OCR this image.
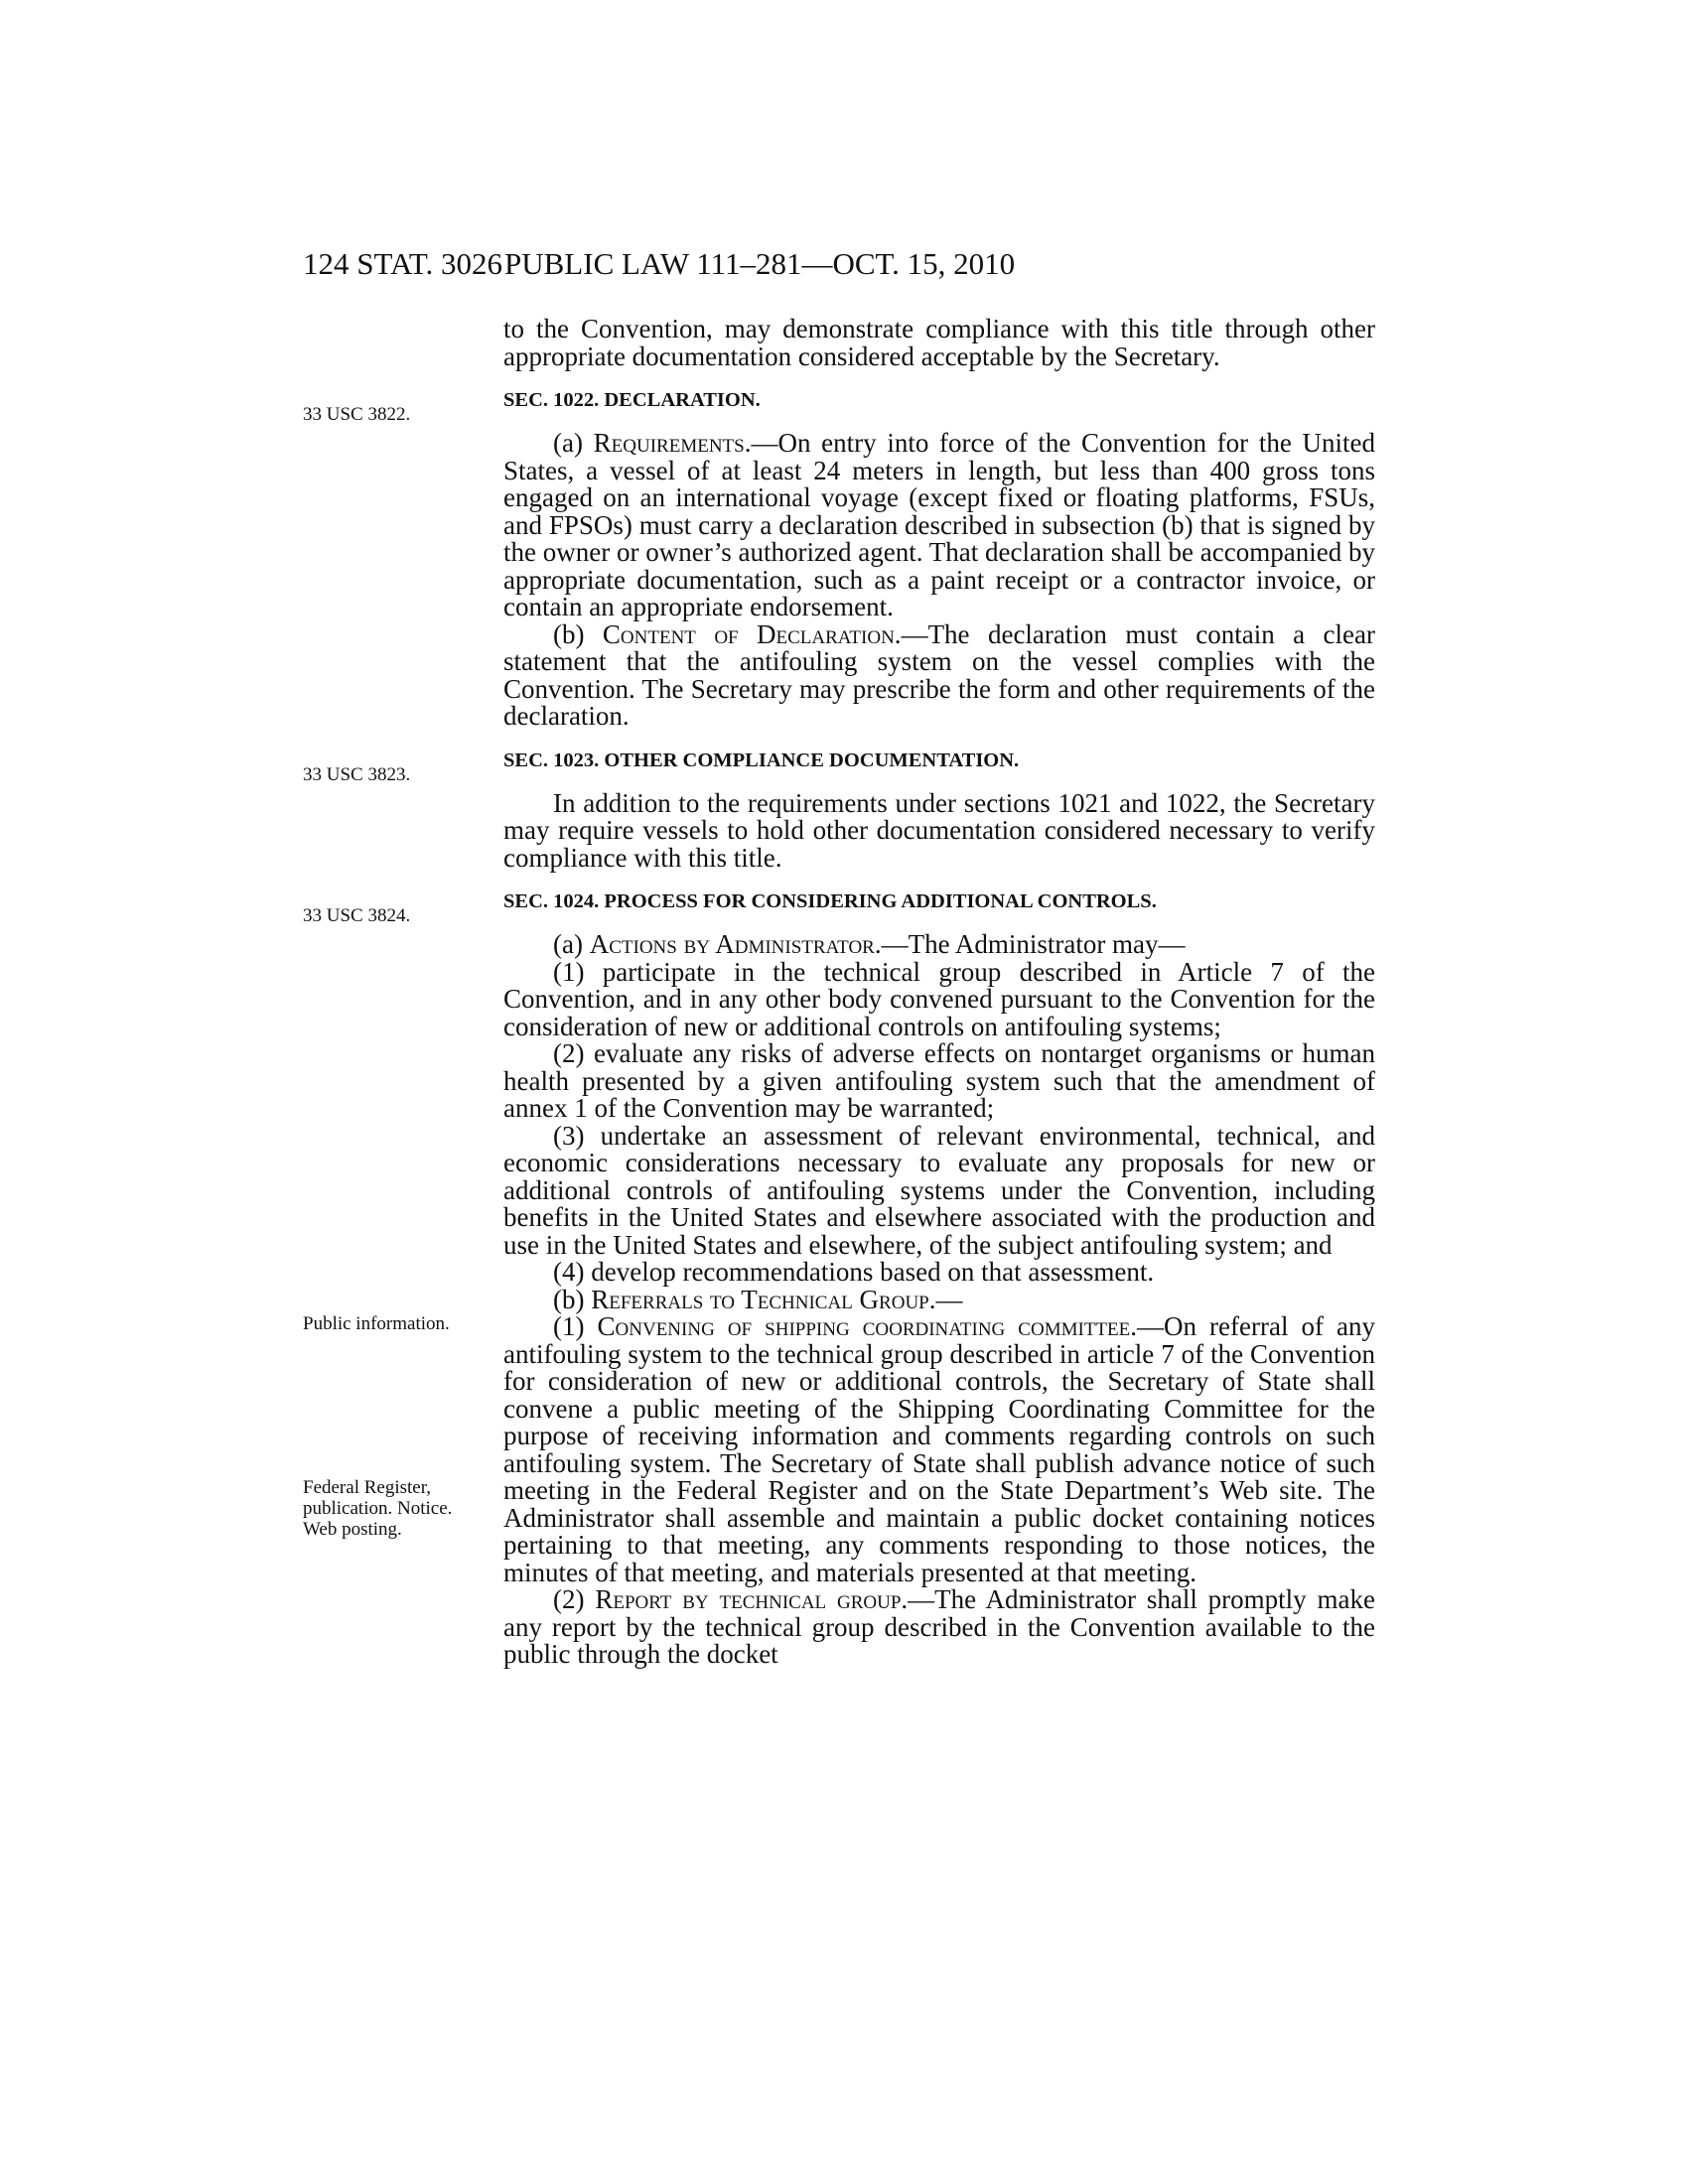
124 STAT. 3026 PUBLIC LAW 111–281—OCT. 15, 2010

to the Convention, may demonstrate compliance with this title through other appropriate documentation considered acceptable by the Secretary.

33 USC 3822.
SEC. 1022. DECLARATION.

(a) Requirements.—On entry into force of the Convention for the United States, a vessel of at least 24 meters in length, but less than 400 gross tons engaged on an international voyage (except fixed or floating platforms, FSUs, and FPSOs) must carry a declaration described in subsection (b) that is signed by the owner or owner’s authorized agent. That declaration shall be accompanied by appropriate documentation, such as a paint receipt or a contractor invoice, or contain an appropriate endorsement.

(b) Content of Declaration.—The declaration must contain a clear statement that the antifouling system on the vessel complies with the Convention. The Secretary may prescribe the form and other requirements of the declaration.

33 USC 3823.
SEC. 1023. OTHER COMPLIANCE DOCUMENTATION.

In addition to the requirements under sections 1021 and 1022, the Secretary may require vessels to hold other documentation considered necessary to verify compliance with this title.

33 USC 3824.
SEC. 1024. PROCESS FOR CONSIDERING ADDITIONAL CONTROLS.

(a) Actions by Administrator.—The Administrator may—

(1) participate in the technical group described in Article 7 of the Convention, and in any other body convened pursuant to the Convention for the consideration of new or additional controls on antifouling systems;

(2) evaluate any risks of adverse effects on nontarget organisms or human health presented by a given antifouling system such that the amendment of annex 1 of the Convention may be warranted;

(3) undertake an assessment of relevant environmental, technical, and economic considerations necessary to evaluate any proposals for new or additional controls of antifouling systems under the Convention, including benefits in the United States and elsewhere associated with the production and use in the United States and elsewhere, of the subject antifouling system; and

(4) develop recommendations based on that assessment.

(b) Referrals to Technical Group.—

Public information.
Federal Register, publication. Notice. Web posting.

(1) Convening of shipping coordinating committee.—On referral of any antifouling system to the technical group described in article 7 of the Convention for consideration of new or additional controls, the Secretary of State shall convene a public meeting of the Shipping Coordinating Committee for the purpose of receiving information and comments regarding controls on such antifouling system. The Secretary of State shall publish advance notice of such meeting in the Federal Register and on the State Department’s Web site. The Administrator shall assemble and maintain a public docket containing notices pertaining to that meeting, any comments responding to those notices, the minutes of that meeting, and materials presented at that meeting.

(2) Report by technical group.—The Administrator shall promptly make any report by the technical group described in the Convention available to the public through the docket
